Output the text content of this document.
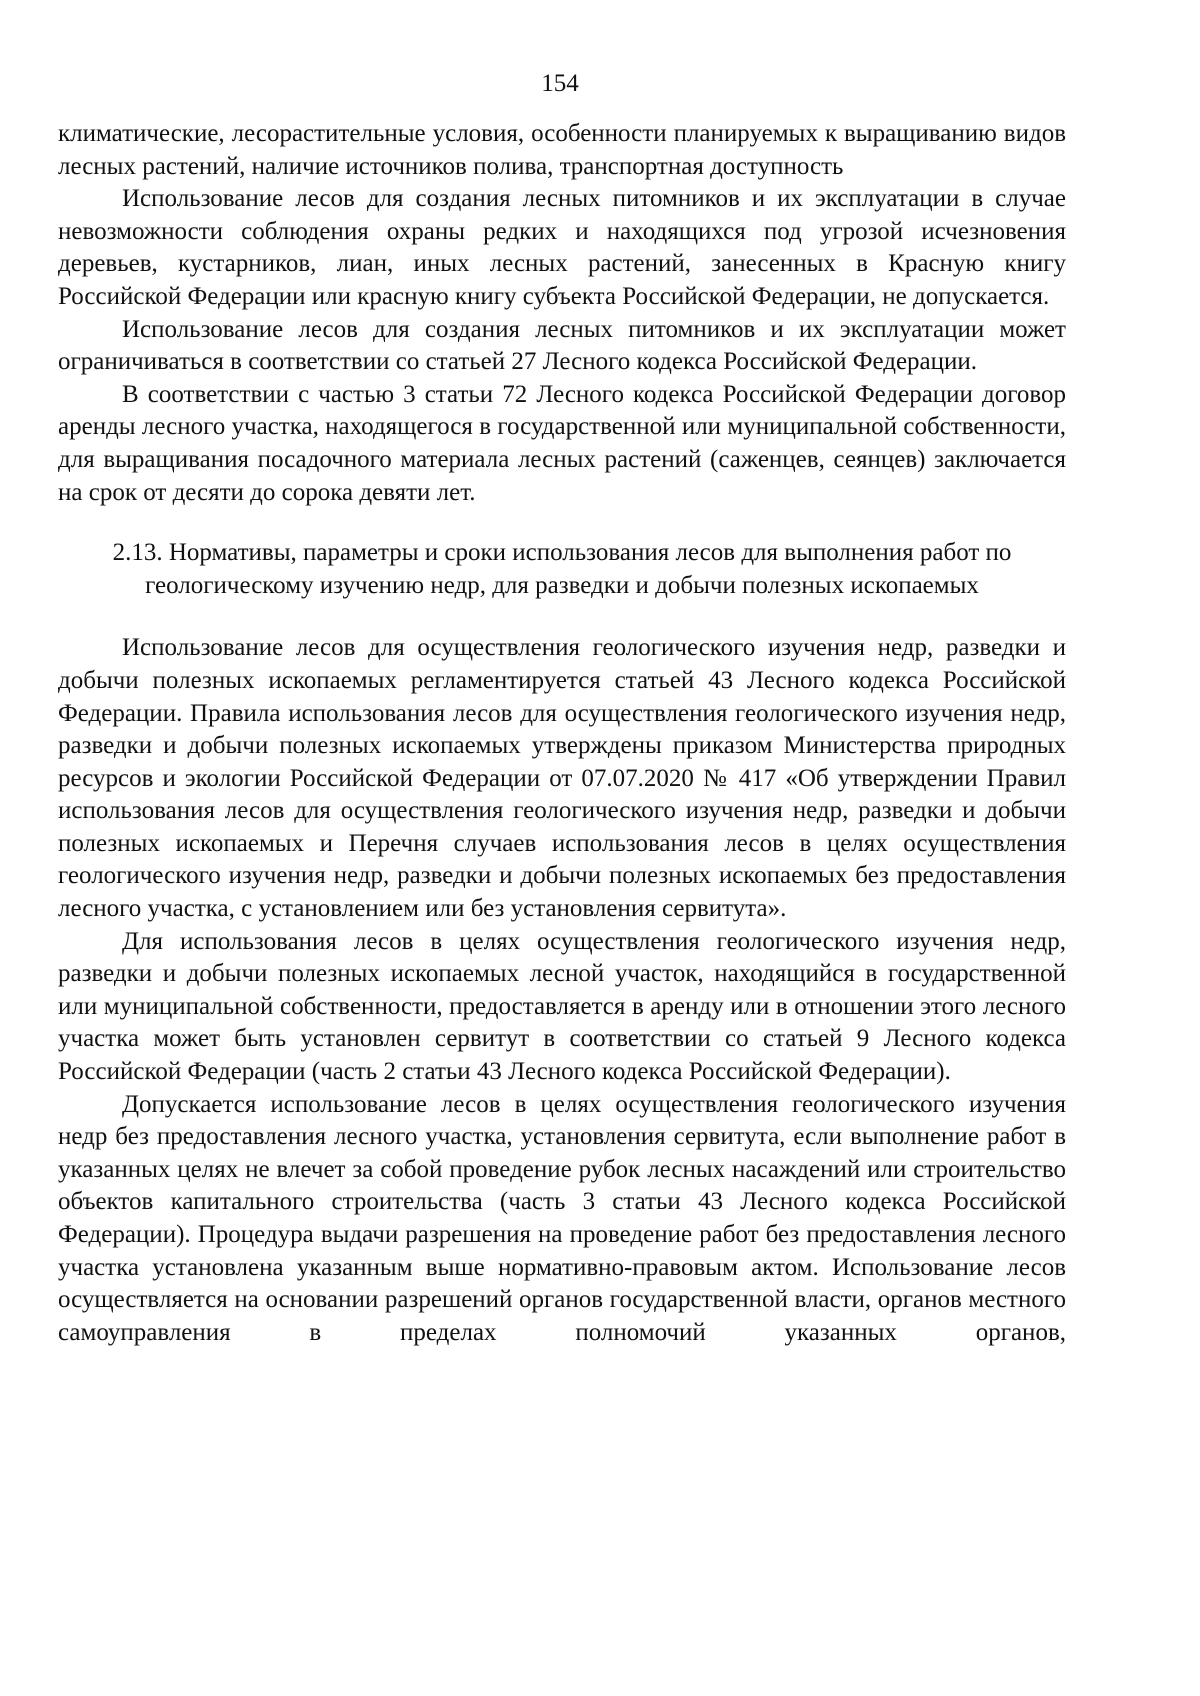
154

климатические, лесорастительные условия, особенности планируемых к выращиванию видов лесных растений, наличие источников полива, транспортная доступность

Использование лесов для создания лесных питомников и их эксплуатации в случае невозможности соблюдения охраны редких и находящихся под угрозой исчезновения деревьев, кустарников, лиан, иных лесных растений, занесенных в Красную книгу Российской Федерации или красную книгу субъекта Российской Федерации, не допускается.

Использование лесов для создания лесных питомников и их эксплуатации может ограничиваться в соответствии со статьей 27 Лесного кодекса Российской Федерации.

В соответствии с частью 3 статьи 72 Лесного кодекса Российской Федерации договор аренды лесного участка, находящегося в государственной или муниципальной собственности, для выращивания посадочного материала лесных растений (саженцев, сеянцев) заключается на срок от десяти до сорока девяти лет.

2.13. Нормативы, параметры и сроки использования лесов для выполнения работ по геологическому изучению недр, для разведки и добычи полезных ископаемых

Использование лесов для осуществления геологического изучения недр, разведки и добычи полезных ископаемых регламентируется статьей 43 Лесного кодекса Российской Федерации. Правила использования лесов для осуществления геологического изучения недр, разведки и добычи полезных ископаемых утверждены приказом Министерства природных ресурсов и экологии Российской Федерации от 07.07.2020 № 417 «Об утверждении Правил использования лесов для осуществления геологического изучения недр, разведки и добычи полезных ископаемых и Перечня случаев использования лесов в целях осуществления геологического изучения недр, разведки и добычи полезных ископаемых без предоставления лесного участка, с установлением или без установления сервитута».

Для использования лесов в целях осуществления геологического изучения недр, разведки и добычи полезных ископаемых лесной участок, находящийся в государственной или муниципальной собственности, предоставляется в аренду или в отношении этого лесного участка может быть установлен сервитут в соответствии со статьей 9 Лесного кодекса Российской Федерации (часть 2 статьи 43 Лесного кодекса Российской Федерации).

Допускается использование лесов в целях осуществления геологического изучения недр без предоставления лесного участка, установления сервитута, если выполнение работ в указанных целях не влечет за собой проведение рубок лесных насаждений или строительство объектов капитального строительства (часть 3 статьи 43 Лесного кодекса Российской Федерации). Процедура выдачи разрешения на проведение работ без предоставления лесного участка установлена указанным выше нормативно-правовым актом. Использование лесов осуществляется на основании разрешений органов государственной власти, органов местного самоуправления в пределах полномочий указанных органов,
